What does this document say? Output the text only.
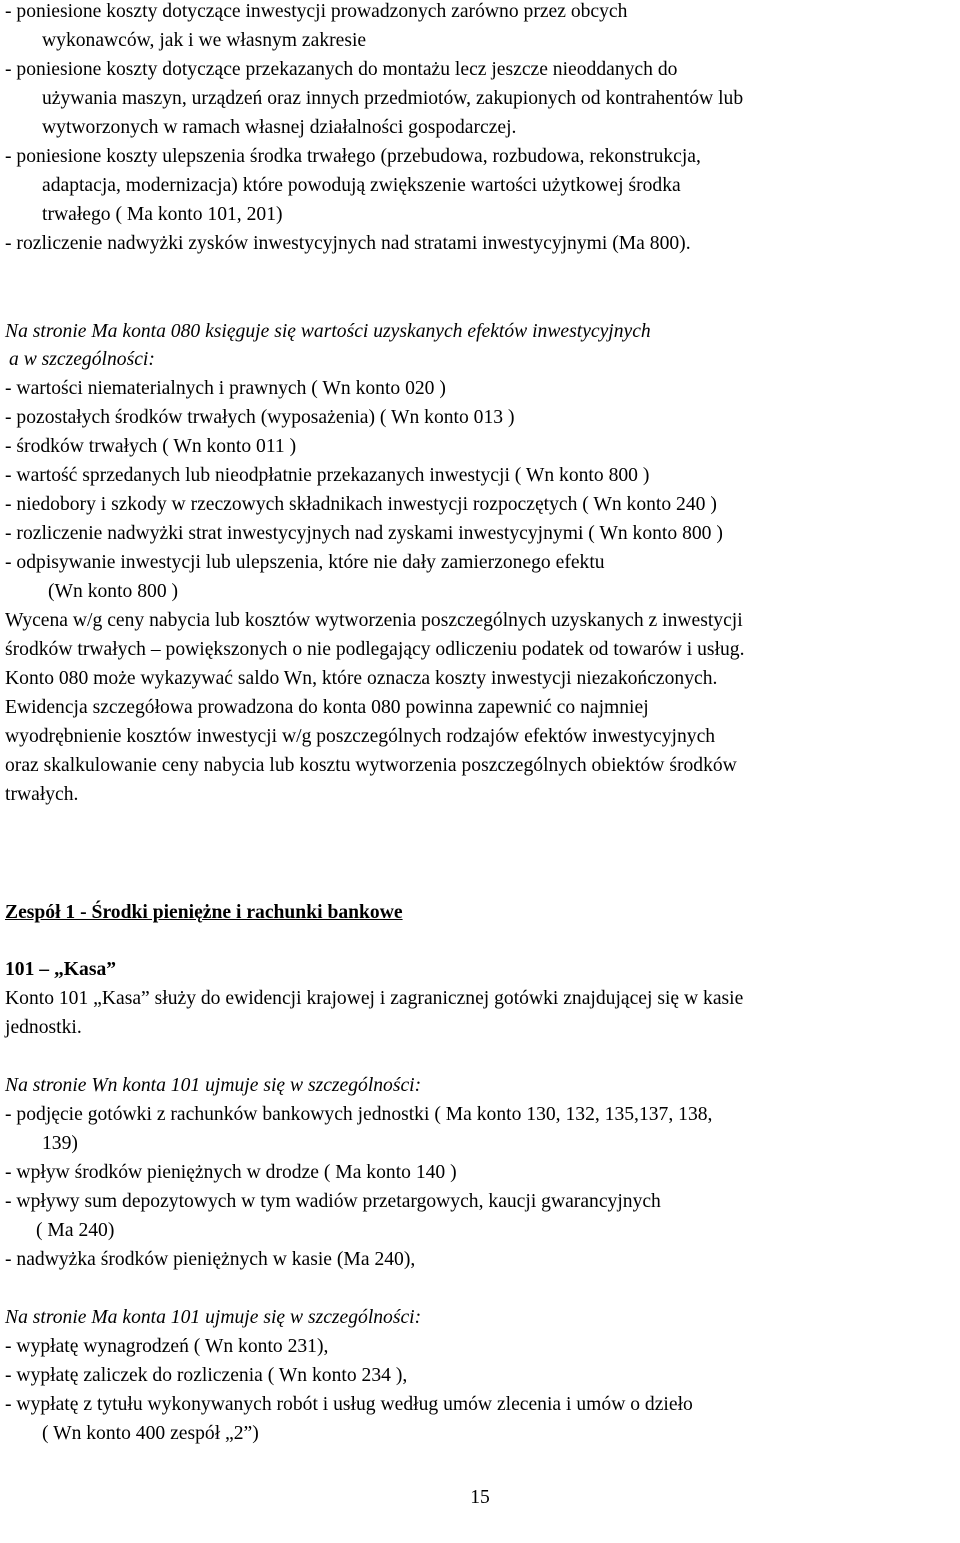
- poniesione koszty dotyczące inwestycji prowadzonych zarówno przez obcych
wykonawców, jak i we własnym zakresie
- poniesione koszty dotyczące przekazanych do montażu lecz jeszcze nieoddanych do
używania maszyn, urządzeń oraz innych przedmiotów, zakupionych od kontrahentów lub
wytworzonych w ramach własnej działalności gospodarczej.
- poniesione koszty ulepszenia środka trwałego (przebudowa, rozbudowa, rekonstrukcja,
adaptacja, modernizacja) które powodują zwiększenie wartości użytkowej środka
trwałego ( Ma konto 101, 201)
- rozliczenie nadwyżki zysków inwestycyjnych nad stratami inwestycyjnymi (Ma 800).
Na stronie Ma konta 080 księguje się wartości uzyskanych efektów inwestycyjnych
a w szczególności:
- wartości niematerialnych i prawnych ( Wn konto 020 )
- pozostałych środków trwałych (wyposażenia) ( Wn konto 013 )
- środków trwałych ( Wn konto 011 )
- wartość sprzedanych lub nieodpłatnie przekazanych inwestycji ( Wn konto 800 )
- niedobory i szkody w rzeczowych składnikach inwestycji rozpoczętych ( Wn konto 240 )
- rozliczenie nadwyżki strat inwestycyjnych nad zyskami inwestycyjnymi ( Wn konto 800 )
- odpisywanie inwestycji lub ulepszenia, które nie dały zamierzonego efektu
(Wn konto 800 )
Wycena w/g ceny nabycia lub kosztów wytworzenia poszczególnych uzyskanych z inwestycji
środków trwałych – powiększonych o nie podlegający odliczeniu podatek od towarów i usług.
Konto 080 może wykazywać saldo Wn, które oznacza koszty inwestycji niezakończonych.
Ewidencja szczegółowa prowadzona do konta 080 powinna zapewnić co najmniej
wyodrębnienie kosztów inwestycji w/g poszczególnych rodzajów efektów inwestycyjnych
oraz skalkulowanie ceny nabycia lub kosztu wytworzenia poszczególnych obiektów środków
trwałych.
Zespół 1 - Środki pieniężne i rachunki bankowe
101 – „Kasa”
Konto 101 „Kasa” służy do ewidencji krajowej i zagranicznej gotówki znajdującej się w kasie
jednostki.
Na stronie Wn konta 101 ujmuje się w szczególności:
- podjęcie gotówki z rachunków bankowych jednostki ( Ma konto 130, 132, 135,137, 138,
139)
- wpływ środków pieniężnych w drodze ( Ma konto 140 )
- wpływy sum depozytowych w tym wadiów przetargowych, kaucji gwarancyjnych
( Ma 240)
- nadwyżka środków pieniężnych w kasie (Ma 240),
Na stronie Ma konta 101 ujmuje się w szczególności:
- wypłatę wynagrodzeń ( Wn konto 231),
- wypłatę zaliczek do rozliczenia ( Wn konto 234 ),
- wypłatę z tytułu wykonywanych robót i usług według umów zlecenia i umów o dzieło
( Wn konto 400 zespół „2”)
15
